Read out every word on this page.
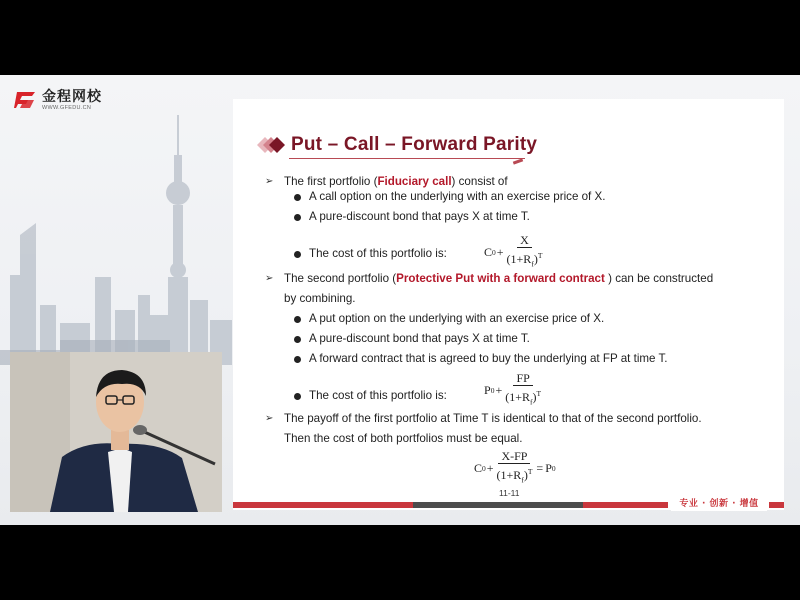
金程网校
WWW.GFEDU.CN
Put – Call – Forward Parity
➢ The first portfolio (Fiduciary call) consist of
A call option on the underlying with an exercise price of X.
A pure-discount bond that pays X at time T.
The cost of this portfolio is:	C $0 + \frac{X}{(1+R_f)^T}$
➢ The second portfolio (Protective Put with a forward contract ) can be constructed
by combining.
A put option on the underlying with an exercise price of X.
A pure-discount bond that pays X at time T.
A forward contract that is agreed to buy the underlying at FP at time T.
The cost of this portfolio is:	P $0 + \frac{FP}{(1+R_f)^T}$
➢ The payoff of the first portfolio at Time T is identical to that of the second portfolio.
Then the cost of both portfolios must be equal.
C $0 + \frac{X-FP}{(1+R_f)^T} = P$ 0
11-11
专业 · 创新 · 增值
